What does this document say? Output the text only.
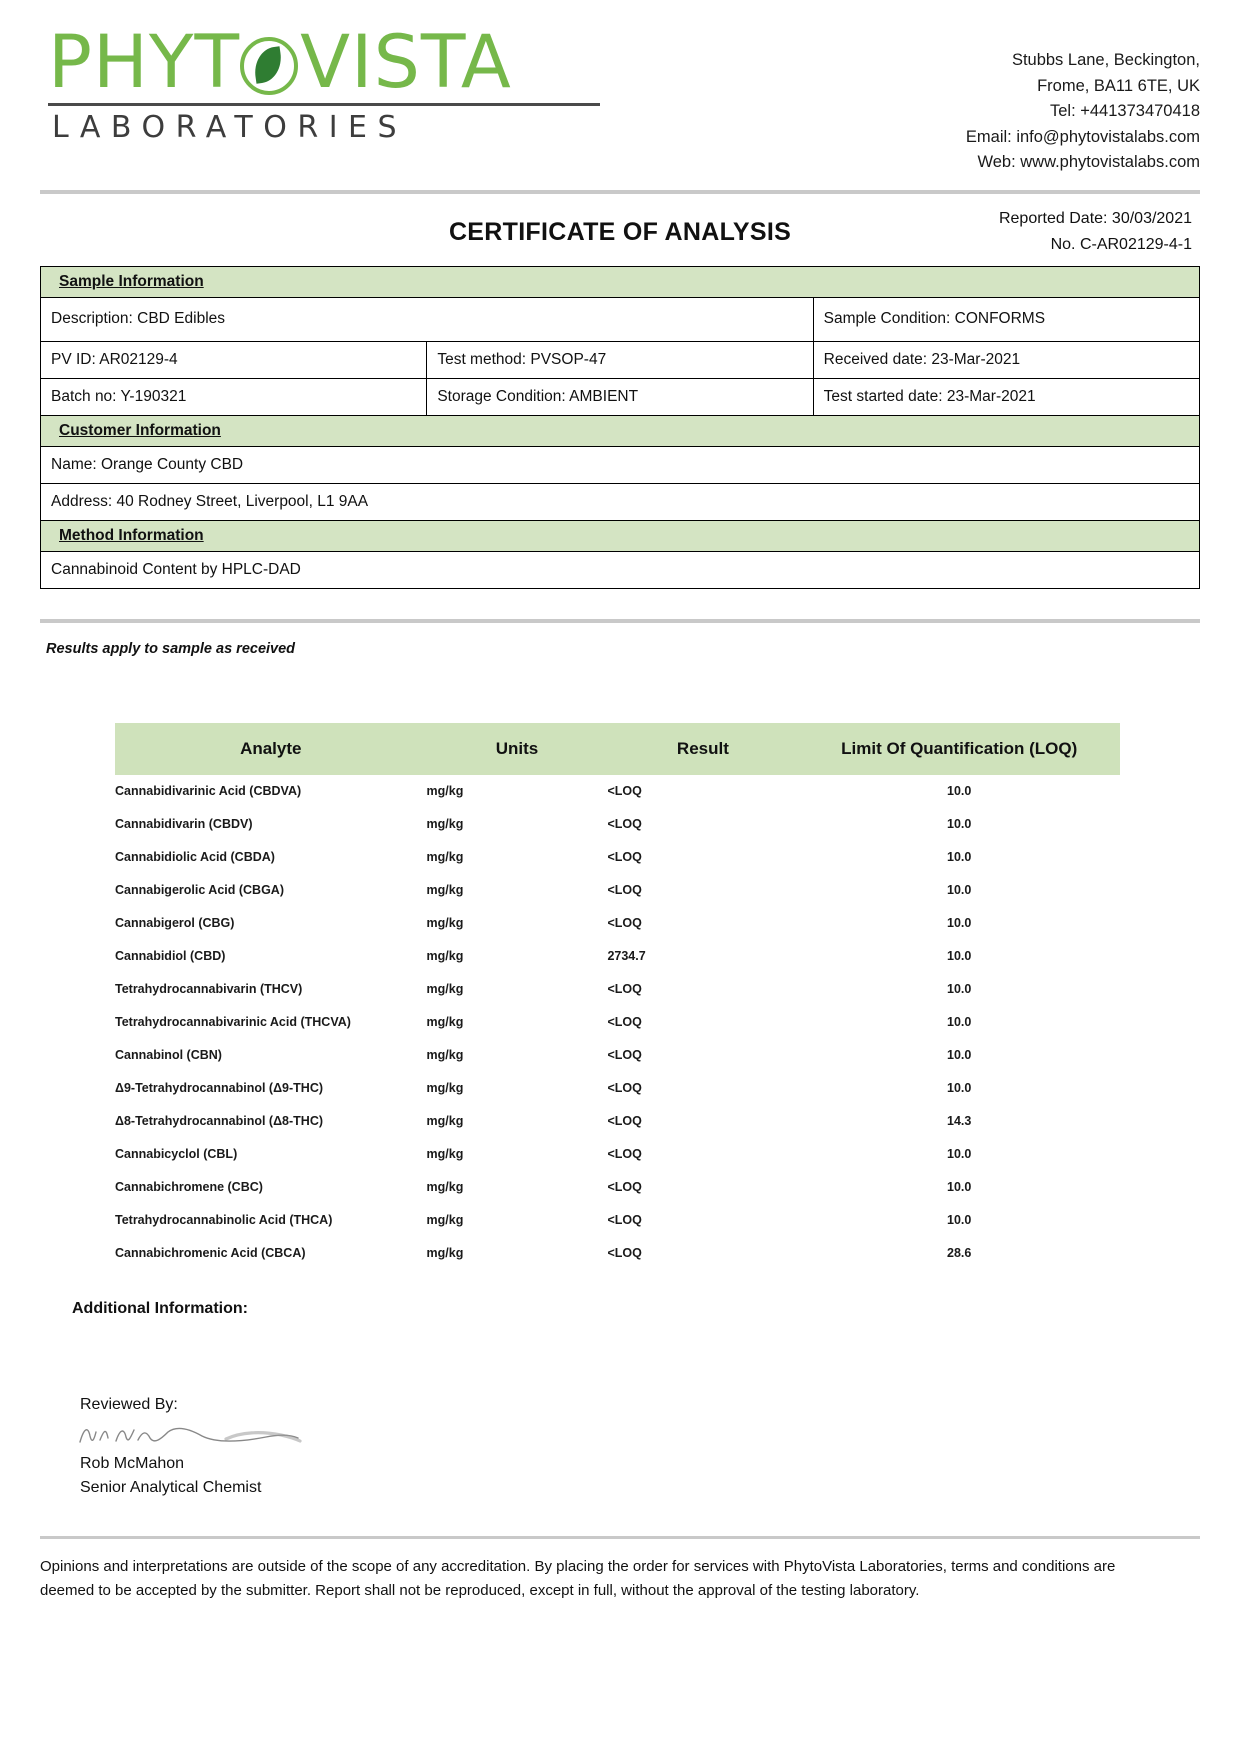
PHYT VISTA
LABORATORIES
Stubbs Lane, Beckington,
Frome, BA11 6TE, UK
Tel: +441373470418
Email: info@phytovistalabs.com
Web: www.phytovistalabs.com
Reported Date: 30/03/2021
No. C-AR02129-4-1
CERTIFICATE OF ANALYSIS
Sample Information		
Description: CBD Edibles		Sample Condition: CONFORMS
PV ID: AR02129-4	Test method: PVSOP-47	Received date: 23-Mar-2021
Batch no: Y-190321	Storage Condition: AMBIENT	Test started date: 23-Mar-2021
Customer Information		
Name: Orange County CBD		
Address: 40 Rodney Street, Liverpool, L1 9AA		
Method Information		
Cannabinoid Content by HPLC-DAD		
Results apply to sample as received
Analyte	Units	Result	Limit Of Quantification (LOQ)
Cannabidivarinic Acid (CBDVA)	mg/kg	<LOQ	10.0
Cannabidivarin (CBDV)	mg/kg	<LOQ	10.0
Cannabidiolic Acid (CBDA)	mg/kg	<LOQ	10.0
Cannabigerolic Acid (CBGA)	mg/kg	<LOQ	10.0
Cannabigerol (CBG)	mg/kg	<LOQ	10.0
Cannabidiol (CBD)	mg/kg	2734.7	10.0
Tetrahydrocannabivarin (THCV)	mg/kg	<LOQ	10.0
Tetrahydrocannabivarinic Acid (THCVA)	mg/kg	<LOQ	10.0
Cannabinol (CBN)	mg/kg	<LOQ	10.0
Δ9-Tetrahydrocannabinol (Δ9-THC)	mg/kg	<LOQ	10.0
Δ8-Tetrahydrocannabinol (Δ8-THC)	mg/kg	<LOQ	14.3
Cannabicyclol (CBL)	mg/kg	<LOQ	10.0
Cannabichromene (CBC)	mg/kg	<LOQ	10.0
Tetrahydrocannabinolic Acid (THCA)	mg/kg	<LOQ	10.0
Cannabichromenic Acid (CBCA)	mg/kg	<LOQ	28.6
Additional Information:
Reviewed By:
Rob McMahon
Senior Analytical Chemist
Opinions and interpretations are outside of the scope of any accreditation. By placing the order for services with PhytoVista Laboratories, terms and conditions are deemed to be accepted by the submitter. Report shall not be reproduced, except in full, without the approval of the testing laboratory.
